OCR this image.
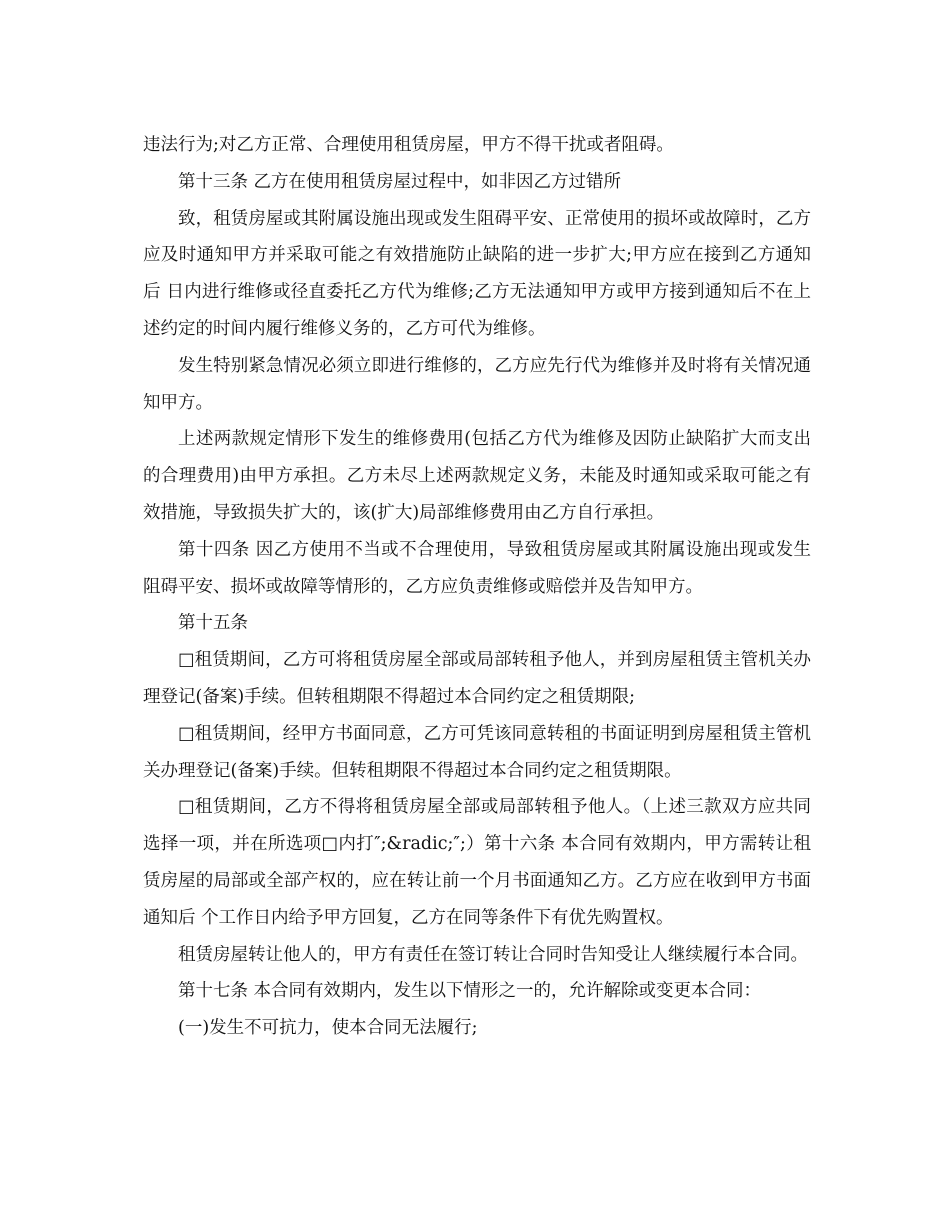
违法行为;对乙方正常、合理使用租赁房屋，甲方不得干扰或者阻碍。

第十三条 乙方在使用租赁房屋过程中，如非因乙方过错所

致，租赁房屋或其附属设施出现或发生阻碍平安、正常使用的损坏或故障时，乙方应及时通知甲方并采取可能之有效措施防止缺陷的进一步扩大;甲方应在接到乙方通知后 日内进行维修或径直委托乙方代为维修;乙方无法通知甲方或甲方接到通知后不在上述约定的时间内履行维修义务的，乙方可代为维修。

发生特别紧急情况必须立即进行维修的，乙方应先行代为维修并及时将有关情况通知甲方。

上述两款规定情形下发生的维修费用(包括乙方代为维修及因防止缺陷扩大而支出的合理费用)由甲方承担。乙方未尽上述两款规定义务，未能及时通知或采取可能之有效措施，导致损失扩大的，该(扩大)局部维修费用由乙方自行承担。

第十四条 因乙方使用不当或不合理使用，导致租赁房屋或其附属设施出现或发生阻碍平安、损坏或故障等情形的，乙方应负责维修或赔偿并及告知甲方。

第十五条

□租赁期间，乙方可将租赁房屋全部或局部转租予他人，并到房屋租赁主管机关办理登记(备案)手续。但转租期限不得超过本合同约定之租赁期限;

□租赁期间，经甲方书面同意，乙方可凭该同意转租的书面证明到房屋租赁主管机关办理登记(备案)手续。但转租期限不得超过本合同约定之租赁期限。

□租赁期间，乙方不得将租赁房屋全部或局部转租予他人。（上述三款双方应共同选择一项，并在所选项□内打″;&radic;″;）第十六条 本合同有效期内，甲方需转让租赁房屋的局部或全部产权的，应在转让前一个月书面通知乙方。乙方应在收到甲方书面通知后 个工作日内给予甲方回复，乙方在同等条件下有优先购置权。

租赁房屋转让他人的，甲方有责任在签订转让合同时告知受让人继续履行本合同。

第十七条 本合同有效期内，发生以下情形之一的，允许解除或变更本合同：

(一)发生不可抗力，使本合同无法履行;
